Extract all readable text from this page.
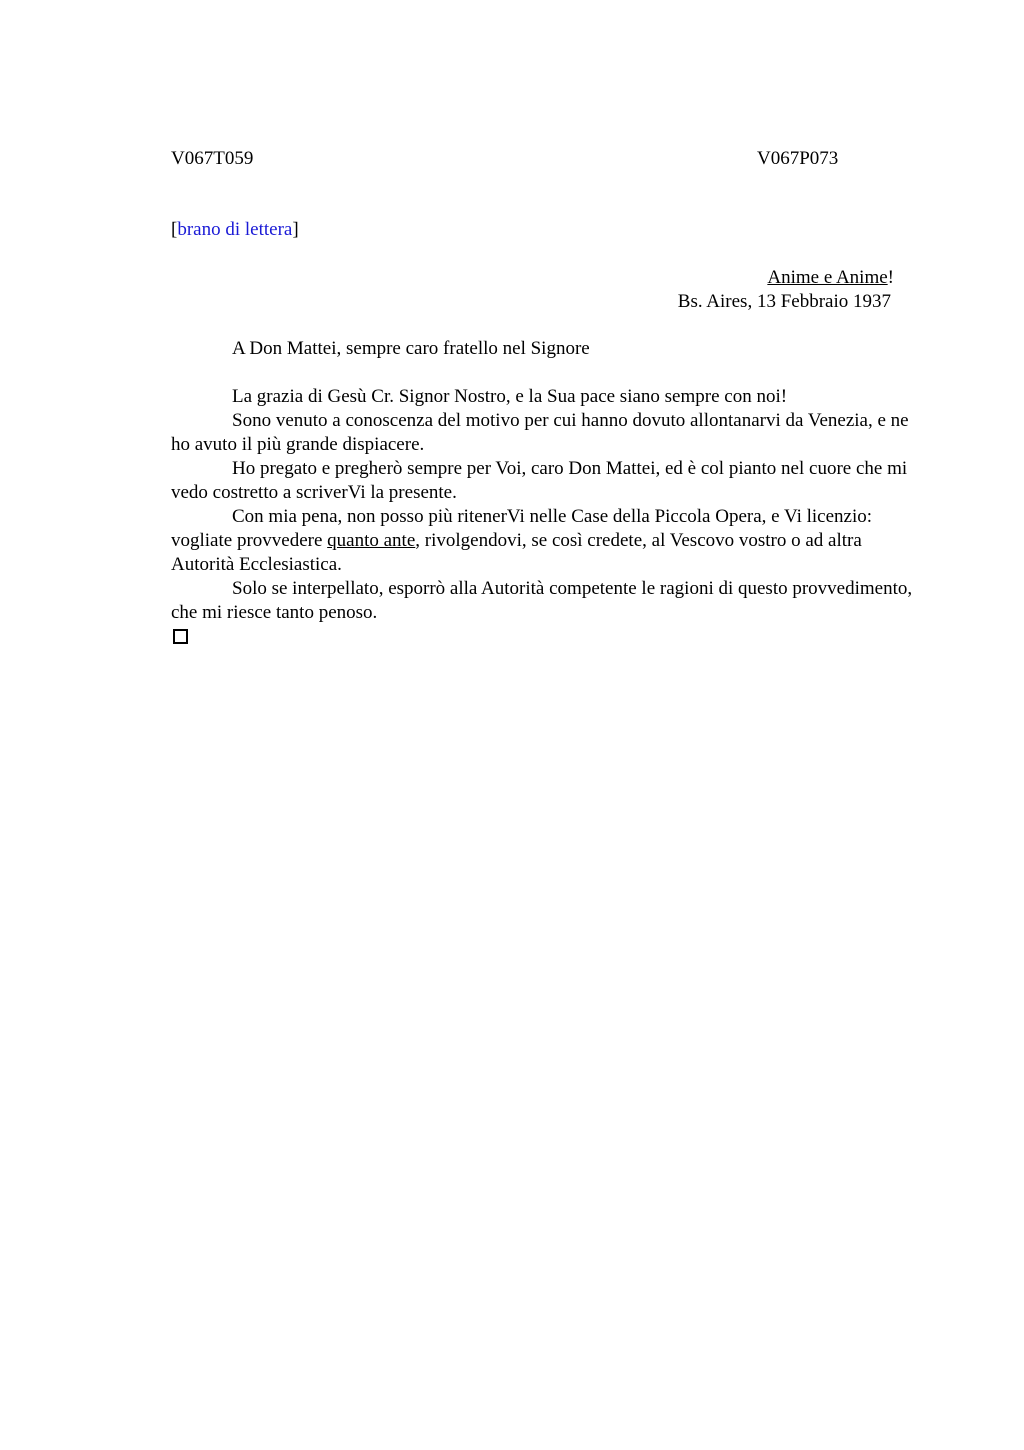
V067T059	V067P073
[brano di lettera]
Anime e Anime!
Bs. Aires, 13 Febbraio 1937

A Don Mattei, sempre caro fratello nel Signore

La grazia di Gesù Cr. Signor Nostro, e la Sua pace siano sempre con noi!

Sono venuto a conoscenza del motivo per cui hanno dovuto allontanarvi da Venezia, e ne ho avuto il più grande dispiacere.

Ho pregato e pregherò sempre per Voi, caro Don Mattei, ed è col pianto nel cuore che mi vedo costretto a scriverVi la presente.

Con mia pena, non posso più ritenerVi nelle Case della Piccola Opera, e Vi licenzio: vogliate provvedere quanto ante, rivolgendovi, se così credete, al Vescovo vostro o ad altra Autorità Ecclesiastica.

Solo se interpellato, esporrò alla Autorità competente le ragioni di questo provvedimento, che mi riesce tanto penoso.
